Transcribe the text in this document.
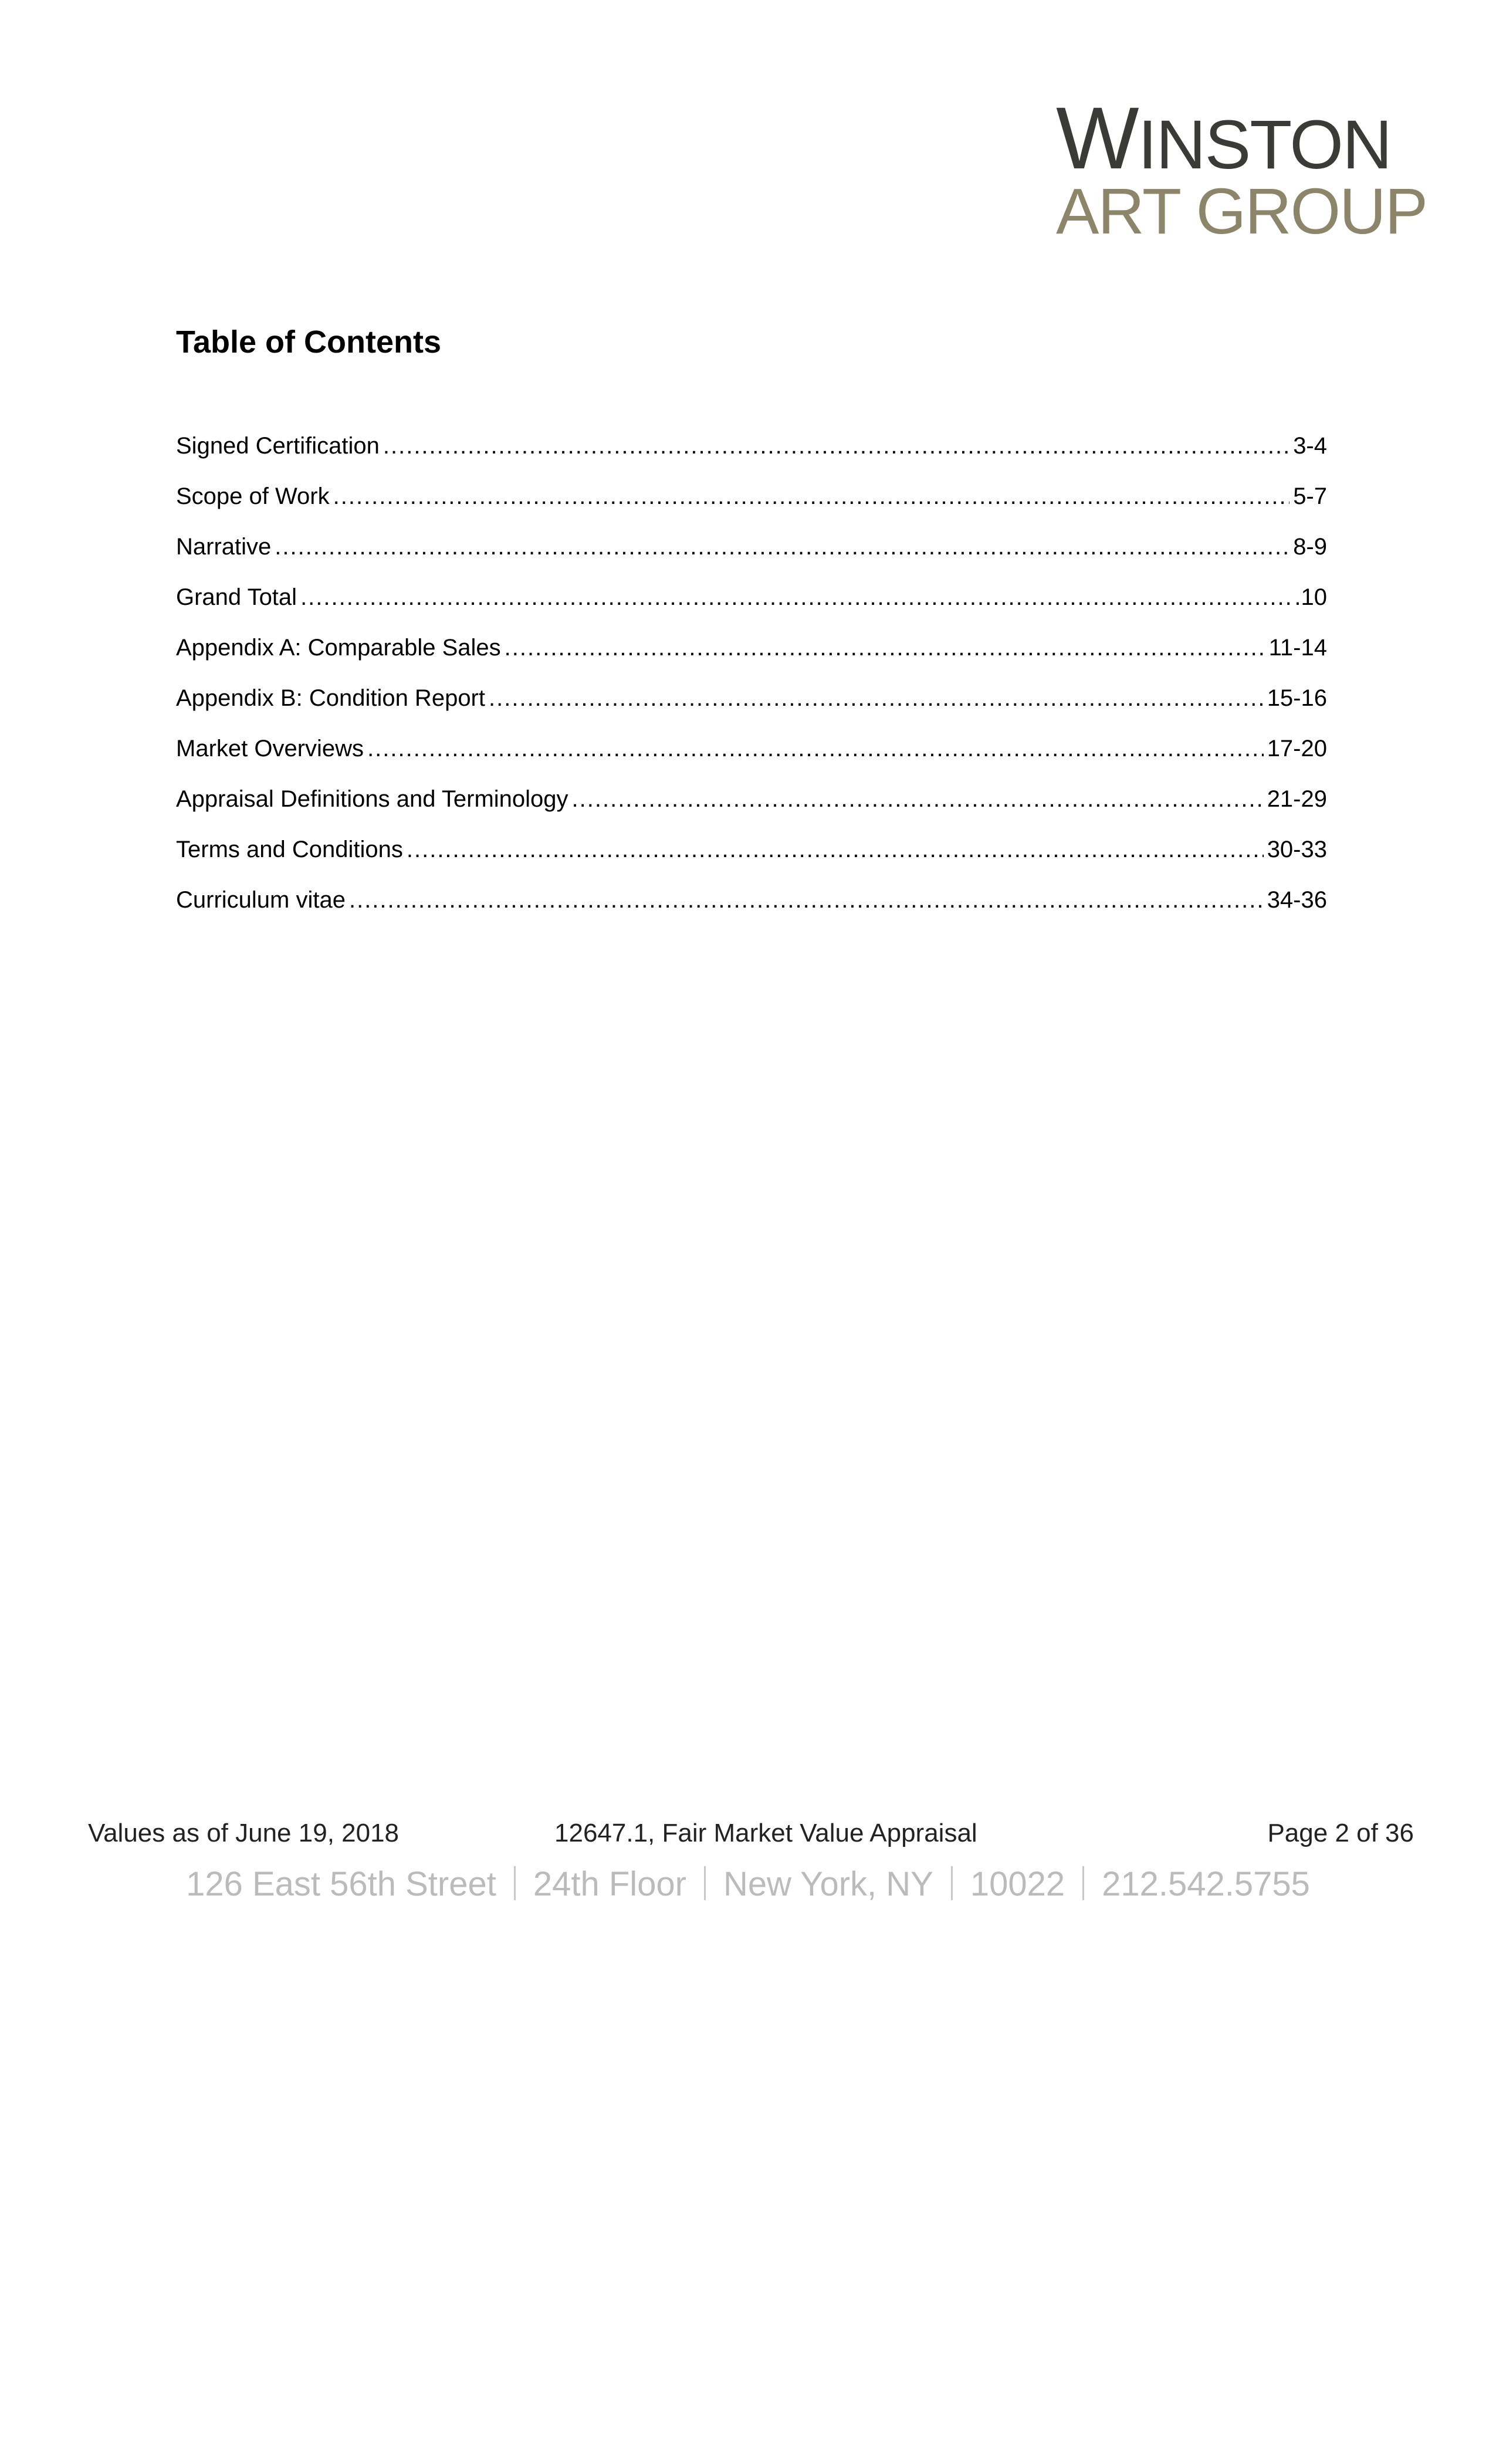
WINSTON
ART GROUP
Table of Contents
Signed Certification .....	3-4
Scope of Work .....	5-7
Narrative .....	8-9
Grand Total .....	.10
Appendix A: Comparable Sales .....	11-14
Appendix B: Condition Report .....	15-16
Market Overviews .....	17-20
Appraisal Definitions and Terminology .....	21-29
Terms and Conditions .....	30-33
Curriculum vitae .....	34-36
Values as of June 19, 2018	12647.1, Fair Market Value Appraisal	Page 2 of 36
126 East 56th Street 24th Floor New York, NY 10022 212.542.5755
